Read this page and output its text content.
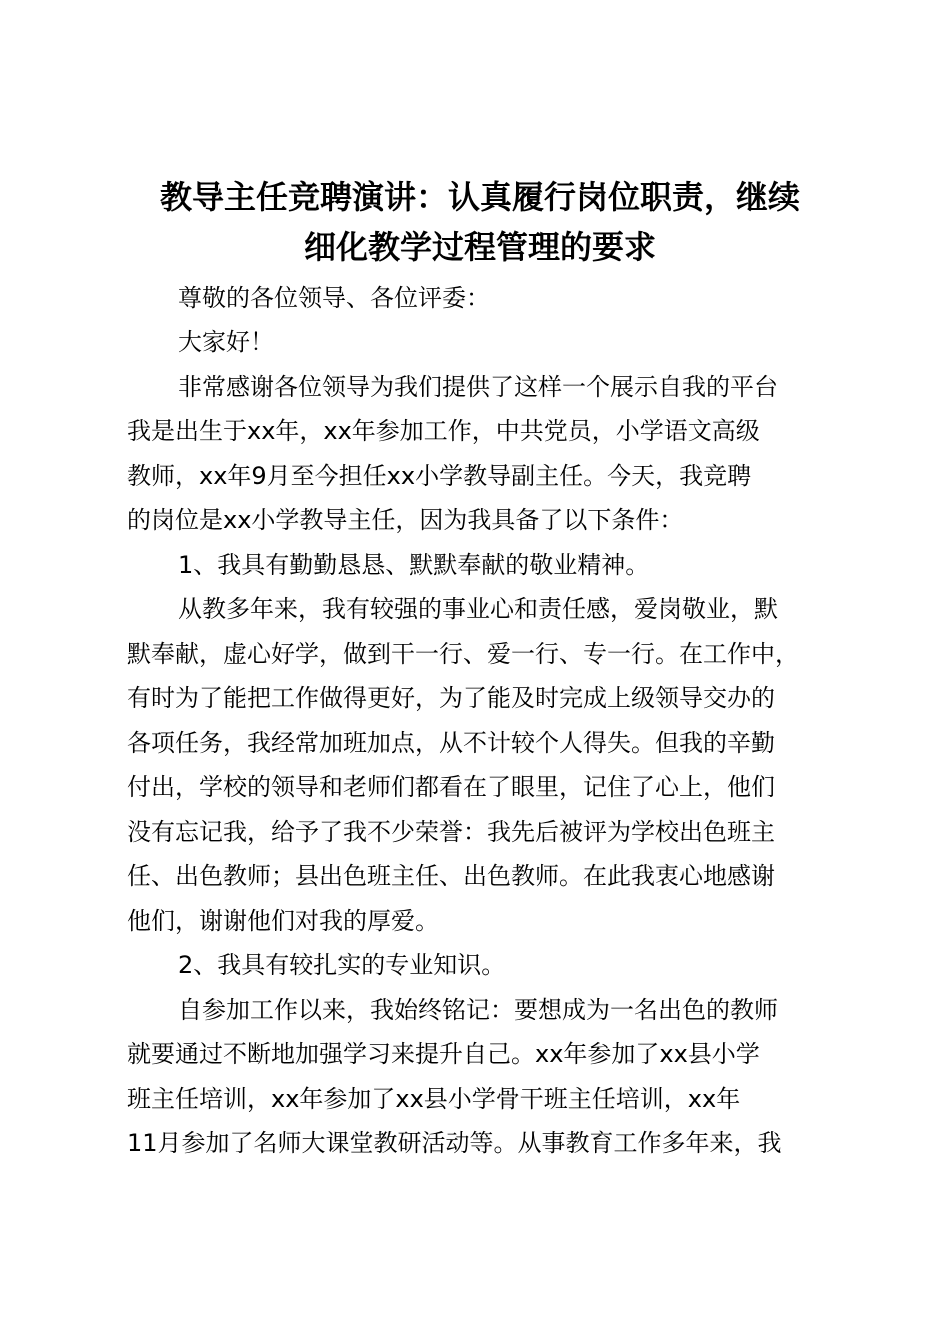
教导主任竞聘演讲：认真履行岗位职责，继续
细化教学过程管理的要求

尊敬的各位领导、各位评委：

大家好！

非常感谢各位领导为我们提供了这样一个展示自我的平台

我是出生于xx年，xx年参加工作，中共党员，小学语文高级

教师，xx年9月至今担任xx小学教导副主任。今天，我竞聘

的岗位是xx小学教导主任，因为我具备了以下条件：

1、我具有勤勤恳恳、默默奉献的敬业精神。

从教多年来，我有较强的事业心和责任感，爱岗敬业，默

默奉献，虚心好学，做到干一行、爱一行、专一行。在工作中，

有时为了能把工作做得更好，为了能及时完成上级领导交办的

各项任务，我经常加班加点，从不计较个人得失。但我的辛勤

付出，学校的领导和老师们都看在了眼里，记住了心上，他们

没有忘记我，给予了我不少荣誉：我先后被评为学校出色班主

任、出色教师；县出色班主任、出色教师。在此我衷心地感谢

他们，谢谢他们对我的厚爱。

2、我具有较扎实的专业知识。

自参加工作以来，我始终铭记：要想成为一名出色的教师

就要通过不断地加强学习来提升自己。xx年参加了xx县小学

班主任培训，xx年参加了xx县小学骨干班主任培训，xx年

11月参加了名师大课堂教研活动等。从事教育工作多年来，我
